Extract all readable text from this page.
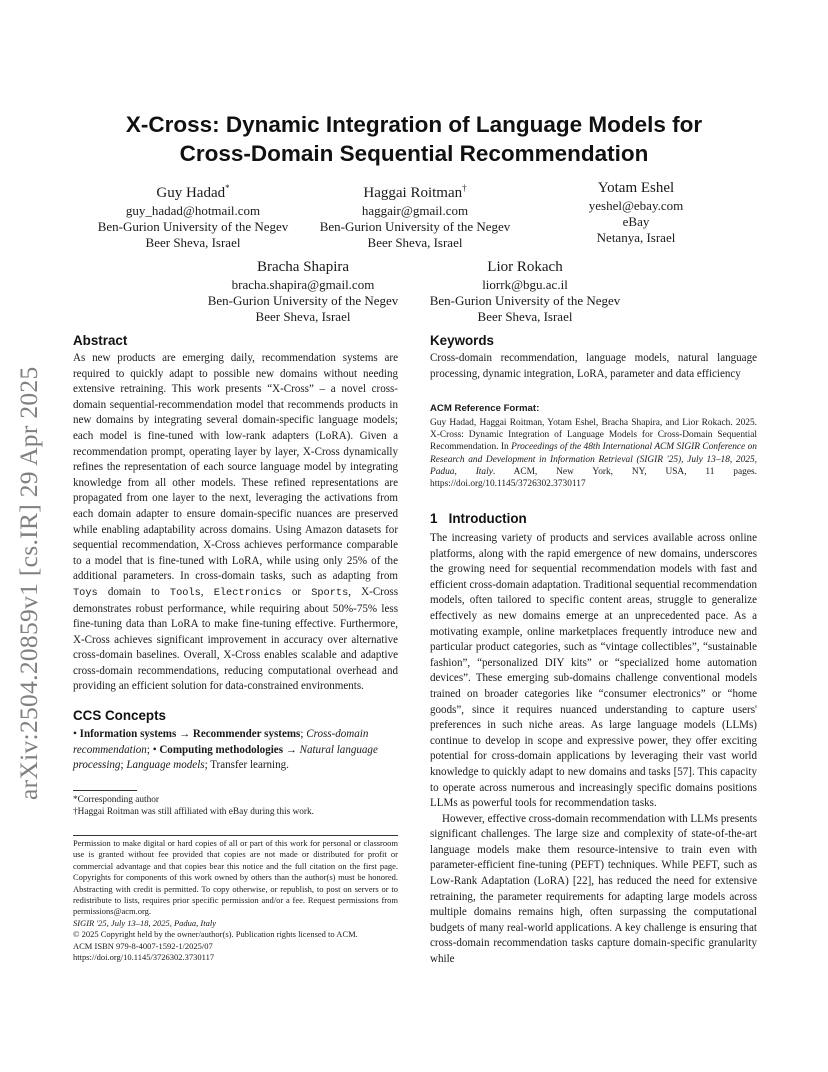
arXiv:2504.20859v1 [cs.IR] 29 Apr 2025
X-Cross: Dynamic Integration of Language Models for
Cross-Domain Sequential Recommendation
Guy Hadad*
guy_hadad@hotmail.com
Ben-Gurion University of the Negev
Beer Sheva, Israel
Haggai Roitman†
haggair@gmail.com
Ben-Gurion University of the Negev
Beer Sheva, Israel
Yotam Eshel
yeshel@ebay.com
eBay
Netanya, Israel
Bracha Shapira
bracha.shapira@gmail.com
Ben-Gurion University of the Negev
Beer Sheva, Israel
Lior Rokach
liorrk@bgu.ac.il
Ben-Gurion University of the Negev
Beer Sheva, Israel
Abstract

As new products are emerging daily, recommendation systems are required to quickly adapt to possible new domains without needing extensive retraining. This work presents “X-Cross” – a novel cross-domain sequential-recommendation model that recommends products in new domains by integrating several domain-specific language models; each model is fine-tuned with low-rank adapters (LoRA). Given a recommendation prompt, operating layer by layer, X-Cross dynamically refines the representation of each source language model by integrating knowledge from all other models. These refined representations are propagated from one layer to the next, leveraging the activations from each domain adapter to ensure domain-specific nuances are preserved while enabling adaptability across domains. Using Amazon datasets for sequential recommendation, X-Cross achieves performance comparable to a model that is fine-tuned with LoRA, while using only 25% of the additional parameters. In cross-domain tasks, such as adapting from Toys domain to Tools, Electronics or Sports, X-Cross demonstrates robust performance, while requiring about 50%-75% less fine-tuning data than LoRA to make fine-tuning effective. Furthermore, X-Cross achieves significant improvement in accuracy over alternative cross-domain baselines. Overall, X-Cross enables scalable and adaptive cross-domain recommendations, reducing computational overhead and providing an efficient solution for data-constrained environments.

CCS Concepts

• Information systems → Recommender systems; Cross-domain recommendation; • Computing methodologies → Natural language processing; Language models; Transfer learning.

*Corresponding author

†Haggai Roitman was still affiliated with eBay during this work.

Permission to make digital or hard copies of all or part of this work for personal or classroom use is granted without fee provided that copies are not made or distributed for profit or commercial advantage and that copies bear this notice and the full citation on the first page. Copyrights for components of this work owned by others than the author(s) must be honored. Abstracting with credit is permitted. To copy otherwise, or republish, to post on servers or to redistribute to lists, requires prior specific permission and/or a fee. Request permissions from permissions@acm.org.

SIGIR '25, July 13–18, 2025, Padua, Italy

© 2025 Copyright held by the owner/author(s). Publication rights licensed to ACM.

ACM ISBN 979-8-4007-1592-1/2025/07

https://doi.org/10.1145/3726302.3730117

Keywords

Cross-domain recommendation, language models, natural language processing, dynamic integration, LoRA, parameter and data efficiency

ACM Reference Format:

Guy Hadad, Haggai Roitman, Yotam Eshel, Bracha Shapira, and Lior Rokach. 2025. X-Cross: Dynamic Integration of Language Models for Cross-Domain Sequential Recommendation. In Proceedings of the 48th International ACM SIGIR Conference on Research and Development in Information Retrieval (SIGIR '25), July 13–18, 2025, Padua, Italy. ACM, New York, NY, USA, 11 pages. https://doi.org/10.1145/3726302.3730117

1 Introduction

The increasing variety of products and services available across online platforms, along with the rapid emergence of new domains, underscores the growing need for sequential recommendation models with fast and efficient cross-domain adaptation. Traditional sequential recommendation models, often tailored to specific content areas, struggle to generalize effectively as new domains emerge at an unprecedented pace. As a motivating example, online marketplaces frequently introduce new and particular product categories, such as “vintage collectibles”, “sustainable fashion”, “personalized DIY kits” or “specialized home automation devices”. These emerging sub-domains challenge conventional models trained on broader categories like “consumer electronics” or “home goods”, since it requires nuanced understanding to capture users' preferences in such niche areas. As large language models (LLMs) continue to develop in scope and expressive power, they offer exciting potential for cross-domain applications by leveraging their vast world knowledge to quickly adapt to new domains and tasks [57]. This capacity to operate across numerous and increasingly specific domains positions LLMs as powerful tools for recommendation tasks.

However, effective cross-domain recommendation with LLMs presents significant challenges. The large size and complexity of state-of-the-art language models make them resource-intensive to train even with parameter-efficient fine-tuning (PEFT) techniques. While PEFT, such as Low-Rank Adaptation (LoRA) [22], has reduced the need for extensive retraining, the parameter requirements for adapting large models across multiple domains remains high, often surpassing the computational budgets of many real-world applications. A key challenge is ensuring that cross-domain recommendation tasks capture domain-specific granularity while
